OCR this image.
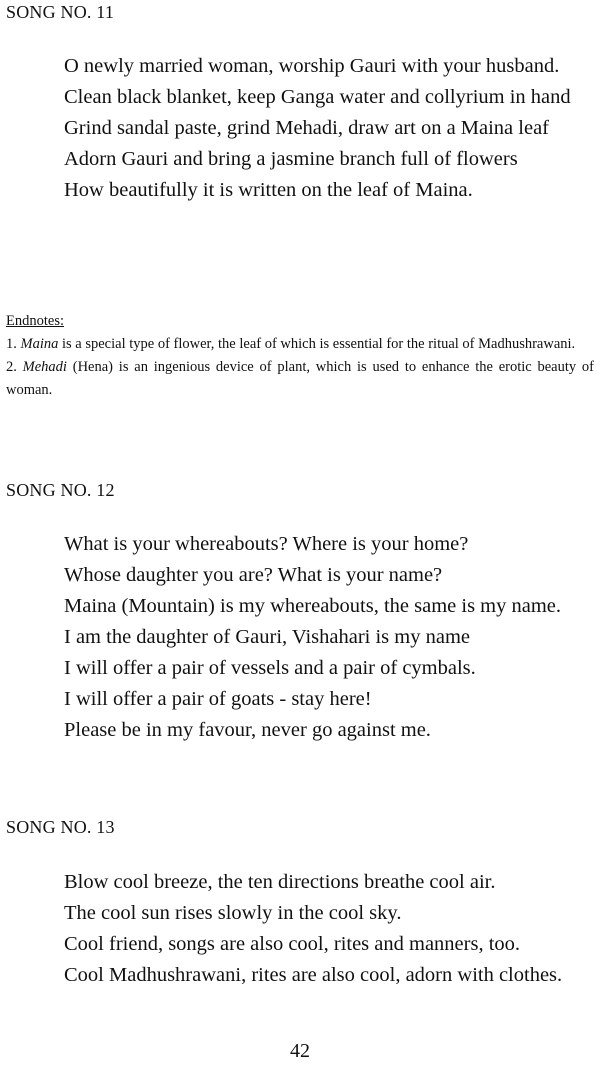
SONG NO. 11
O newly married woman, worship Gauri with your husband.
Clean black blanket, keep Ganga water and collyrium in hand
Grind sandal paste, grind Mehadi, draw art on a Maina leaf
Adorn Gauri and bring a jasmine branch full of flowers
How beautifully it is written on the leaf of Maina.

Endnotes:

1. Maina is a special type of flower, the leaf of which is essential for the ritual of Madhushrawani.

2. Mehadi (Hena) is an ingenious device of plant, which is used to enhance the erotic beauty of woman.

SONG NO. 12
What is your whereabouts? Where is your home?
Whose daughter you are? What is your name?
Maina (Mountain) is my whereabouts, the same is my name.
I am the daughter of Gauri, Vishahari is my name
I will offer a pair of vessels and a pair of cymbals.
I will offer a pair of goats - stay here!
Please be in my favour, never go against me.
SONG NO. 13
Blow cool breeze, the ten directions breathe cool air.
The cool sun rises slowly in the cool sky.
Cool friend, songs are also cool, rites and manners, too.
Cool Madhushrawani, rites are also cool, adorn with clothes.
42
